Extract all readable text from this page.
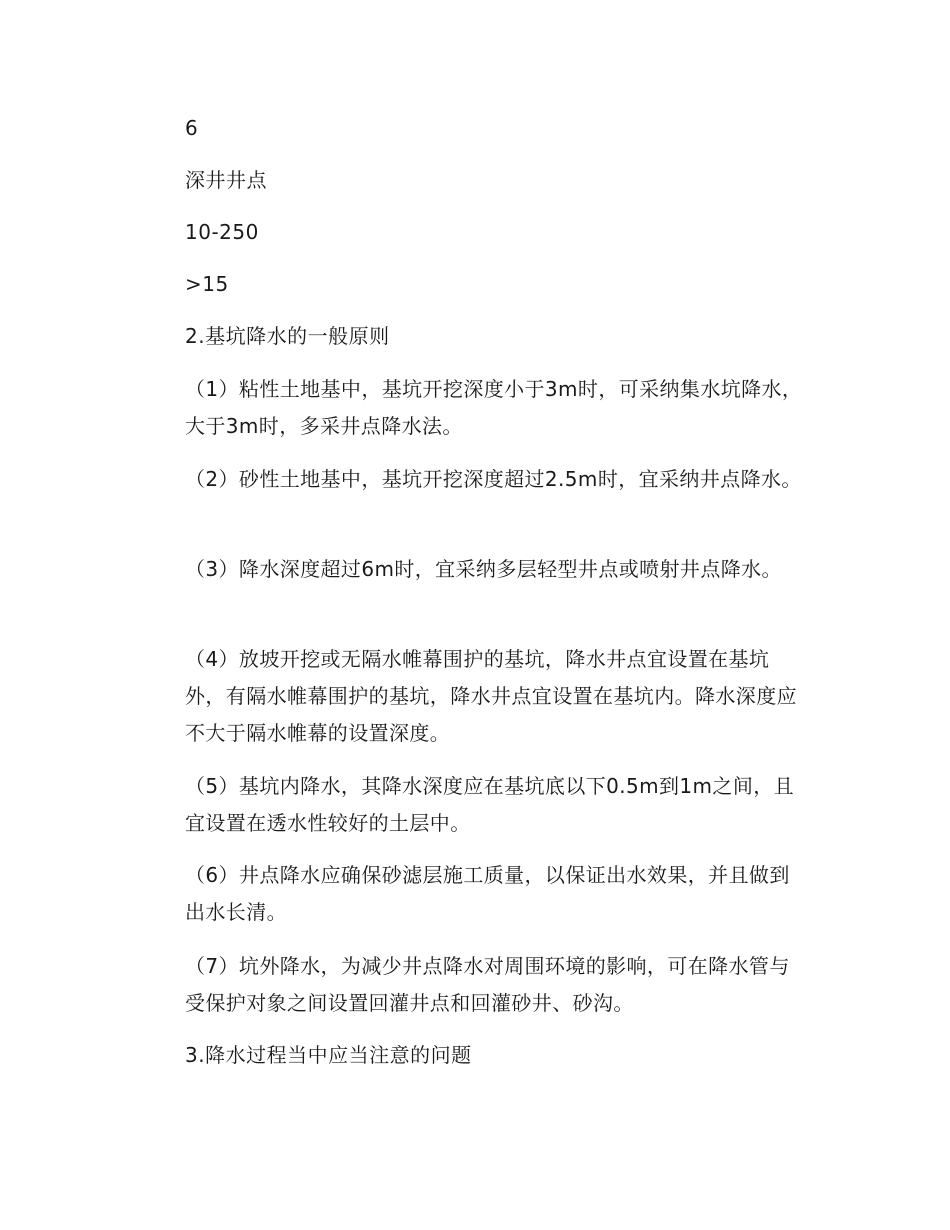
6
深井井点
10-250
>15
2.基坑降水的一般原则
（1）粘性土地基中，基坑开挖深度小于3m时，可采纳集水坑降水，大于3m时，多采井点降水法。
（2）砂性土地基中，基坑开挖深度超过2.5m时，宜采纳井点降水。
（3）降水深度超过6m时，宜采纳多层轻型井点或喷射井点降水。
（4）放坡开挖或无隔水帷幕围护的基坑，降水井点宜设置在基坑外，有隔水帷幕围护的基坑，降水井点宜设置在基坑内。降水深度应不大于隔水帷幕的设置深度。
（5）基坑内降水，其降水深度应在基坑底以下0.5m到1m之间，且宜设置在透水性较好的土层中。
（6）井点降水应确保砂滤层施工质量，以保证出水效果，并且做到出水长清。
（7）坑外降水，为减少井点降水对周围环境的影响，可在降水管与受保护对象之间设置回灌井点和回灌砂井、砂沟。
3.降水过程当中应当注意的问题
